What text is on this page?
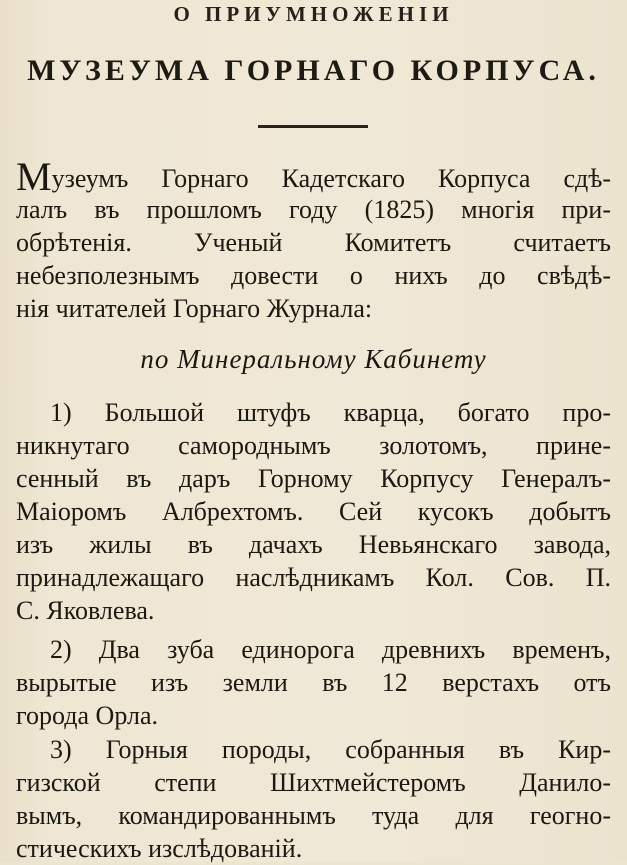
О ПРИУМНОЖЕНІИ
МУЗЕУМА ГОРНАГО КОРПУСА.
Музеумъ Горнаго Кадетскаго Корпуса сдѣ-
лалъ въ прошломъ году (1825) многія при-
обрѣтенія. Ученый Комитетъ считаетъ
небезполезнымъ довести о нихъ до свѣдѣ-
нія читателей Горнаго Журнала:
по Минеральному Кабинету
1) Большой штуфъ кварца, богато про-
никнутаго самороднымъ золотомъ, прине-
сенный въ даръ Горному Корпусу Генералъ-
Маіоромъ Албрехтомъ. Сей кусокъ добытъ
изъ жилы въ дачахъ Невьянскаго завода,
принадлежащаго наслѣдникамъ Кол. Сов. П.
С. Яковлева.
2) Два зуба единорога древнихъ временъ,
вырытые изъ земли въ 12 верстахъ отъ
города Орла.
3) Горныя породы, собранныя въ Кир-
гизской степи Шихтмейстеромъ Данило-
вымъ, командированнымъ туда для геогно-
стическихъ изслѣдованій.
